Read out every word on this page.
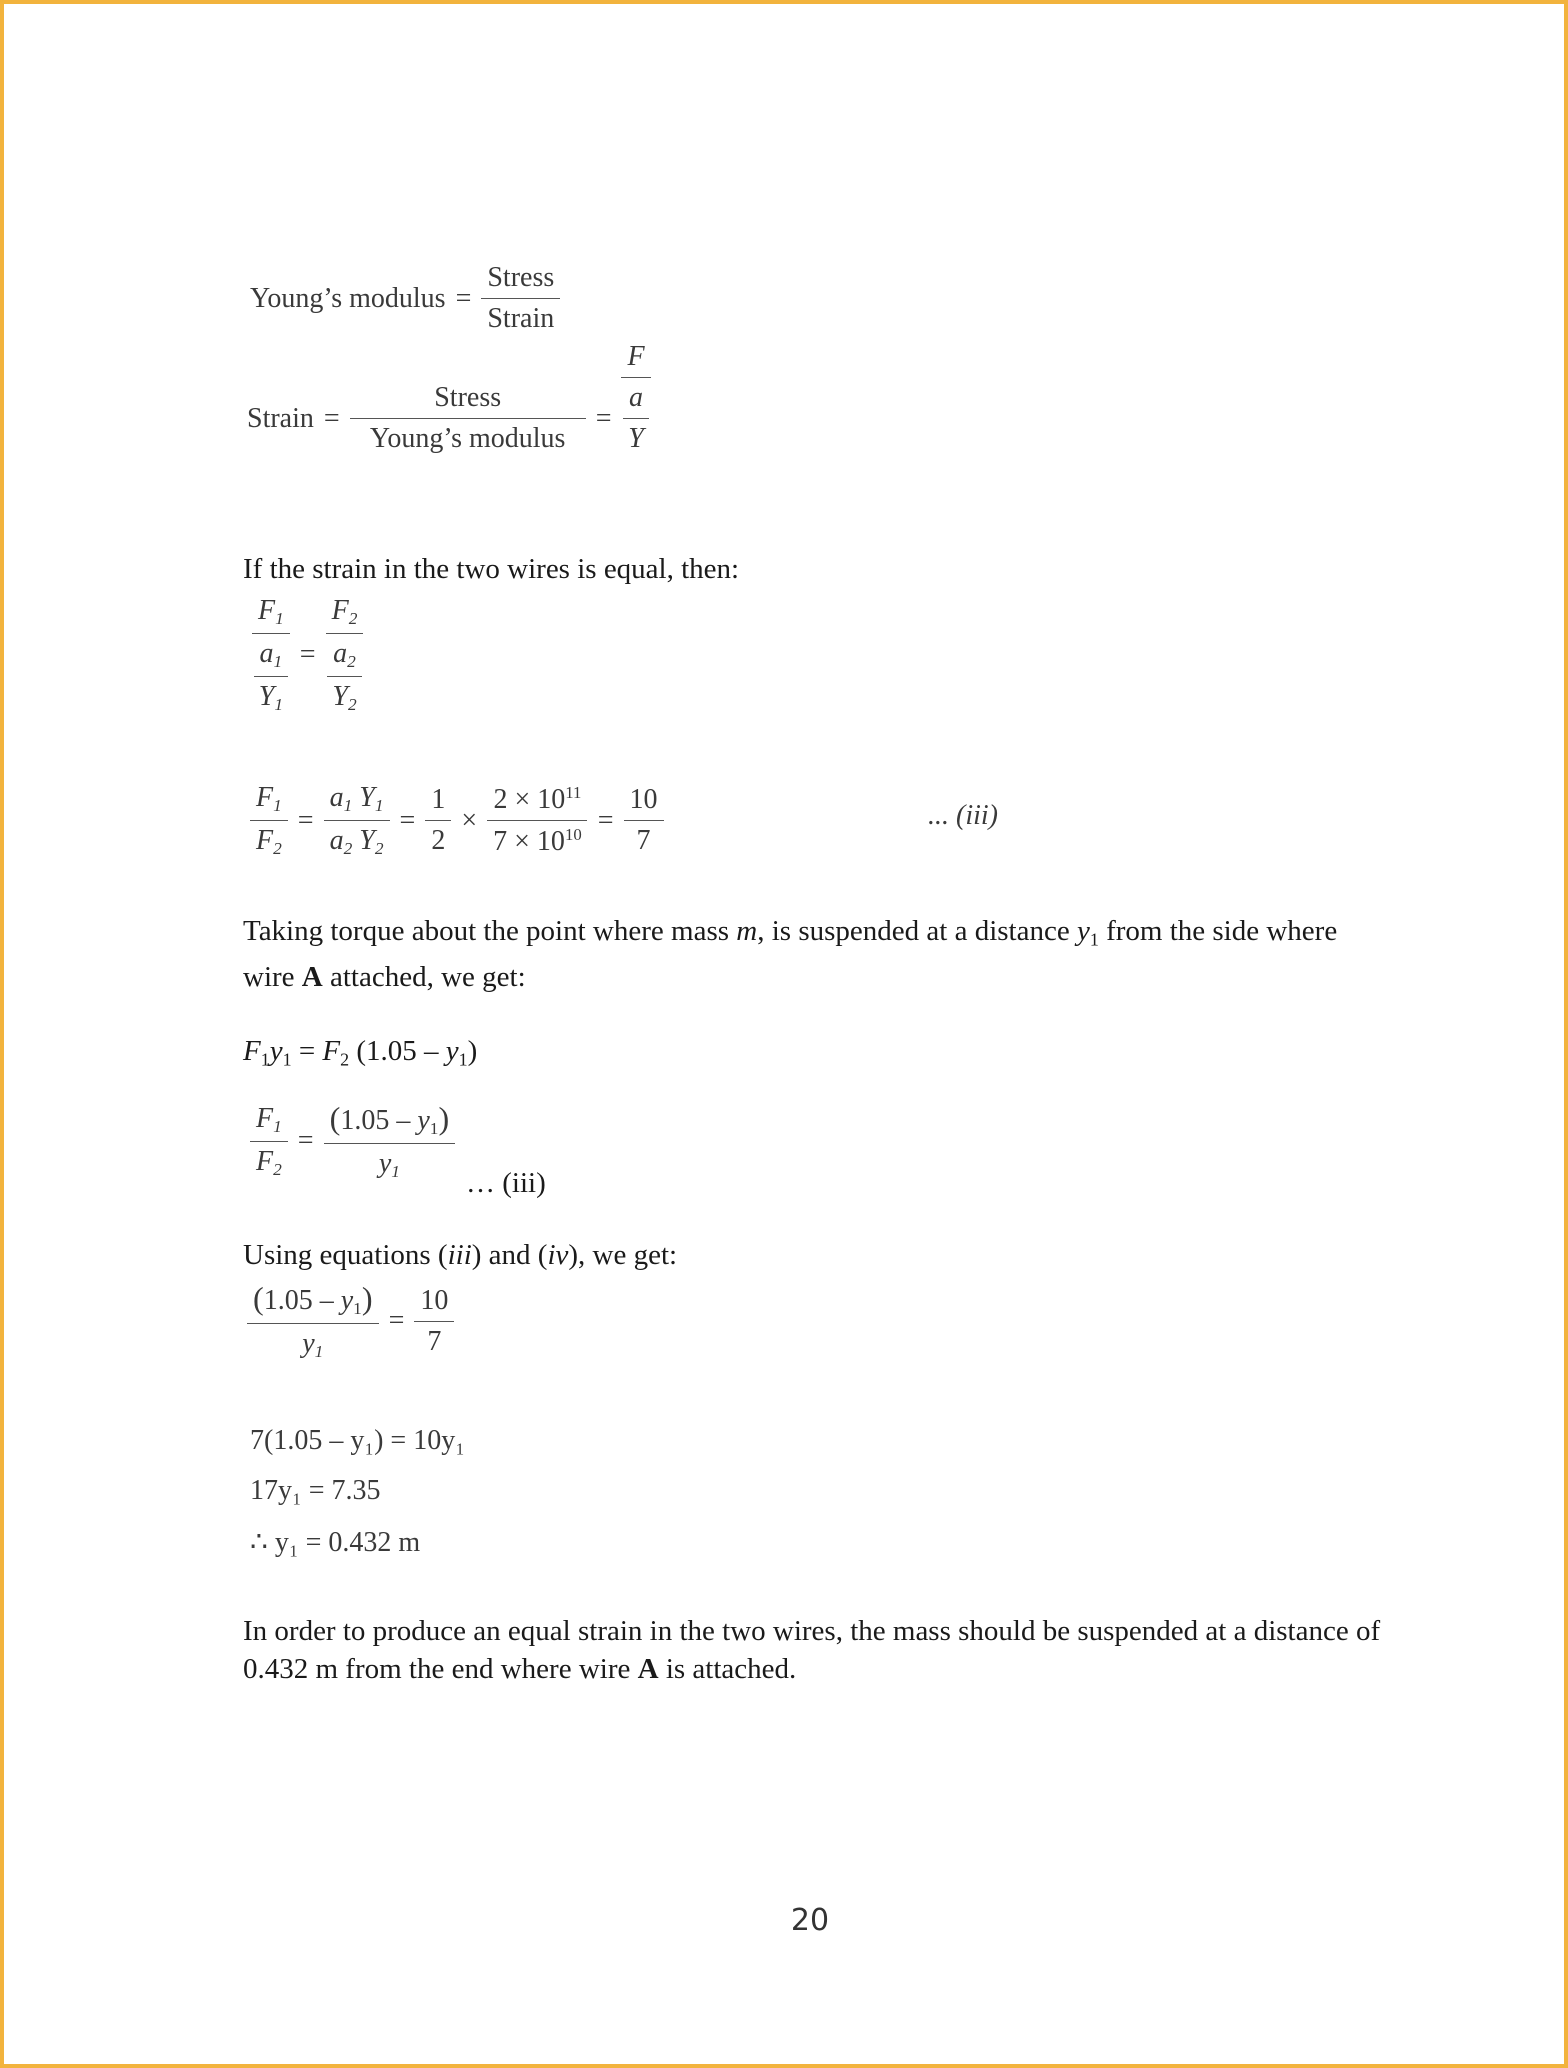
Young’s modulus = $\frac{\text{Stress}}{\text{Strain}}$
Strain = $\frac{\text{Stress}}{\text{Young’s modulus}}$ =
F
a
Y
If the strain in the two wires is equal, then:
$F_1$
$a_1$
$Y_1$
=
$F_2$
$a_2$
$Y_2$
$\frac{F_1}{F_2} = \frac{a_1 Y_1}{a_2 Y_2} = \frac{1}{2} \times \frac{2 \times 10^{11}}{7 \times 10^{10}} = \frac{10}{7}$	... (iii)
Taking torque about the point where mass m, is suspended at a distance $y_1$ from the side where wire A attached, we get:
$F_1y_1 = F_2$ $(1.05 - y_1)$
$\frac{F_1}{F_2} = \frac{(1.05 - y_1)}{y_1}$
… (iii)
Using equations (iii) and (iv), we get:
$\frac{(1.05 - y_1)}{y_1} = \frac{10}{7}$
7(1.05 – y₁) = 10y₁
17y₁ = 7.35
∴ y₁ = 0.432 m
In order to produce an equal strain in the two wires, the mass should be suspended at a distance of 0.432 m from the end where wire A is attached.
20
